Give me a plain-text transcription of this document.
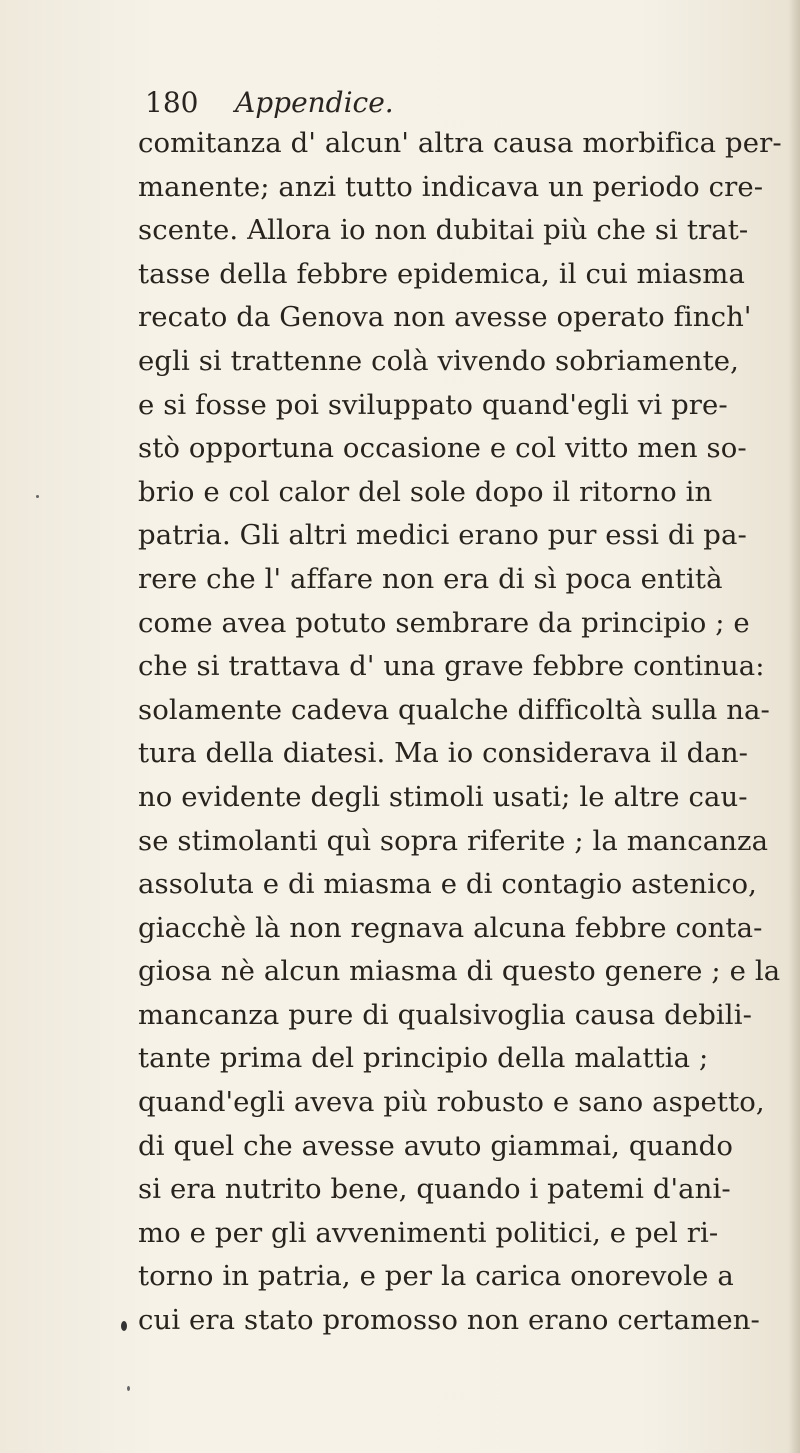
180 Appendice.
comitanza d' alcun' altra causa morbifica per-
manente; anzi tutto indicava un periodo cre-
scente. Allora io non dubitai più che si trat-
tasse della febbre epidemica, il cui miasma
recato da Genova non avesse operato finch'
egli si trattenne colà vivendo sobriamente,
e si fosse poi sviluppato quand'egli vi pre-
stò opportuna occasione e col vitto men so-
brio e col calor del sole dopo il ritorno in
patria. Gli altri medici erano pur essi di pa-
rere che l' affare non era di sì poca entità
come avea potuto sembrare da principio ; e
che si trattava d' una grave febbre continua:
solamente cadeva qualche difficoltà sulla na-
tura della diatesi. Ma io considerava il dan-
no evidente degli stimoli usati; le altre cau-
se stimolanti quì sopra riferite ; la mancanza
assoluta e di miasma e di contagio astenico,
giacchè là non regnava alcuna febbre conta-
giosa nè alcun miasma di questo genere ; e la
mancanza pure di qualsivoglia causa debili-
tante prima del principio della malattia ;
quand'egli aveva più robusto e sano aspetto,
di quel che avesse avuto giammai, quando
si era nutrito bene, quando i patemi d'ani-
mo e per gli avvenimenti politici, e pel ri-
torno in patria, e per la carica onorevole a
cui era stato promosso non erano certamen-
